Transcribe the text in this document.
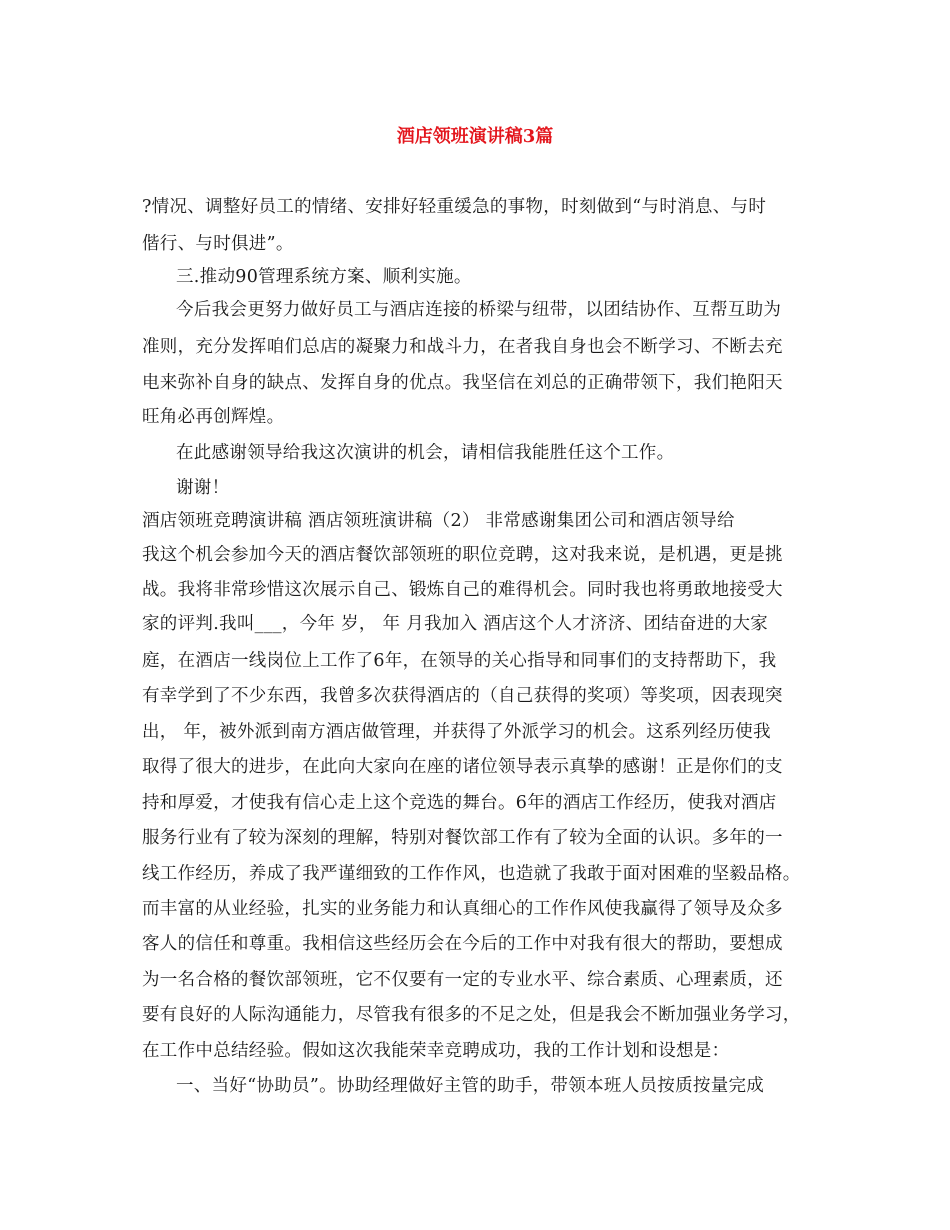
酒店领班演讲稿3篇
?情况、调整好员工的情绪、安排好轻重缓急的事物，时刻做到“与时消息、与时
偕行、与时俱进”。
三.推动90管理系统方案、顺利实施。
今后我会更努力做好员工与酒店连接的桥梁与纽带，以团结协作、互帮互助为
准则，充分发挥咱们总店的凝聚力和战斗力，在者我自身也会不断学习、不断去充
电来弥补自身的缺点、发挥自身的优点。我坚信在刘总的正确带领下，我们艳阳天
旺角必再创辉煌。
在此感谢领导给我这次演讲的机会，请相信我能胜任这个工作。
谢谢！
酒店领班竞聘演讲稿 酒店领班演讲稿（2） 非常感谢集团公司和酒店领导给
我这个机会参加今天的酒店餐饮部领班的职位竞聘，这对我来说，是机遇，更是挑
战。我将非常珍惜这次展示自己、锻炼自己的难得机会。同时我也将勇敢地接受大
家的评判.我叫___，今年 岁， 年 月我加入 酒店这个人才济济、团结奋进的大家
庭，在酒店一线岗位上工作了6年，在领导的关心指导和同事们的支持帮助下，我
有幸学到了不少东西，我曾多次获得酒店的（自己获得的奖项）等奖项，因表现突
出， 年，被外派到南方酒店做管理，并获得了外派学习的机会。这系列经历使我
取得了很大的进步，在此向大家向在座的诸位领导表示真挚的感谢！正是你们的支
持和厚爱，才使我有信心走上这个竞选的舞台。6年的酒店工作经历，使我对酒店
服务行业有了较为深刻的理解，特别对餐饮部工作有了较为全面的认识。多年的一
线工作经历，养成了我严谨细致的工作作风，也造就了我敢于面对困难的坚毅品格。
而丰富的从业经验，扎实的业务能力和认真细心的工作作风使我赢得了领导及众多
客人的信任和尊重。我相信这些经历会在今后的工作中对我有很大的帮助，要想成
为一名合格的餐饮部领班，它不仅要有一定的专业水平、综合素质、心理素质，还
要有良好的人际沟通能力，尽管我有很多的不足之处，但是我会不断加强业务学习，
在工作中总结经验。假如这次我能荣幸竞聘成功，我的工作计划和设想是：
一、当好“协助员”。协助经理做好主管的助手，带领本班人员按质按量完成
